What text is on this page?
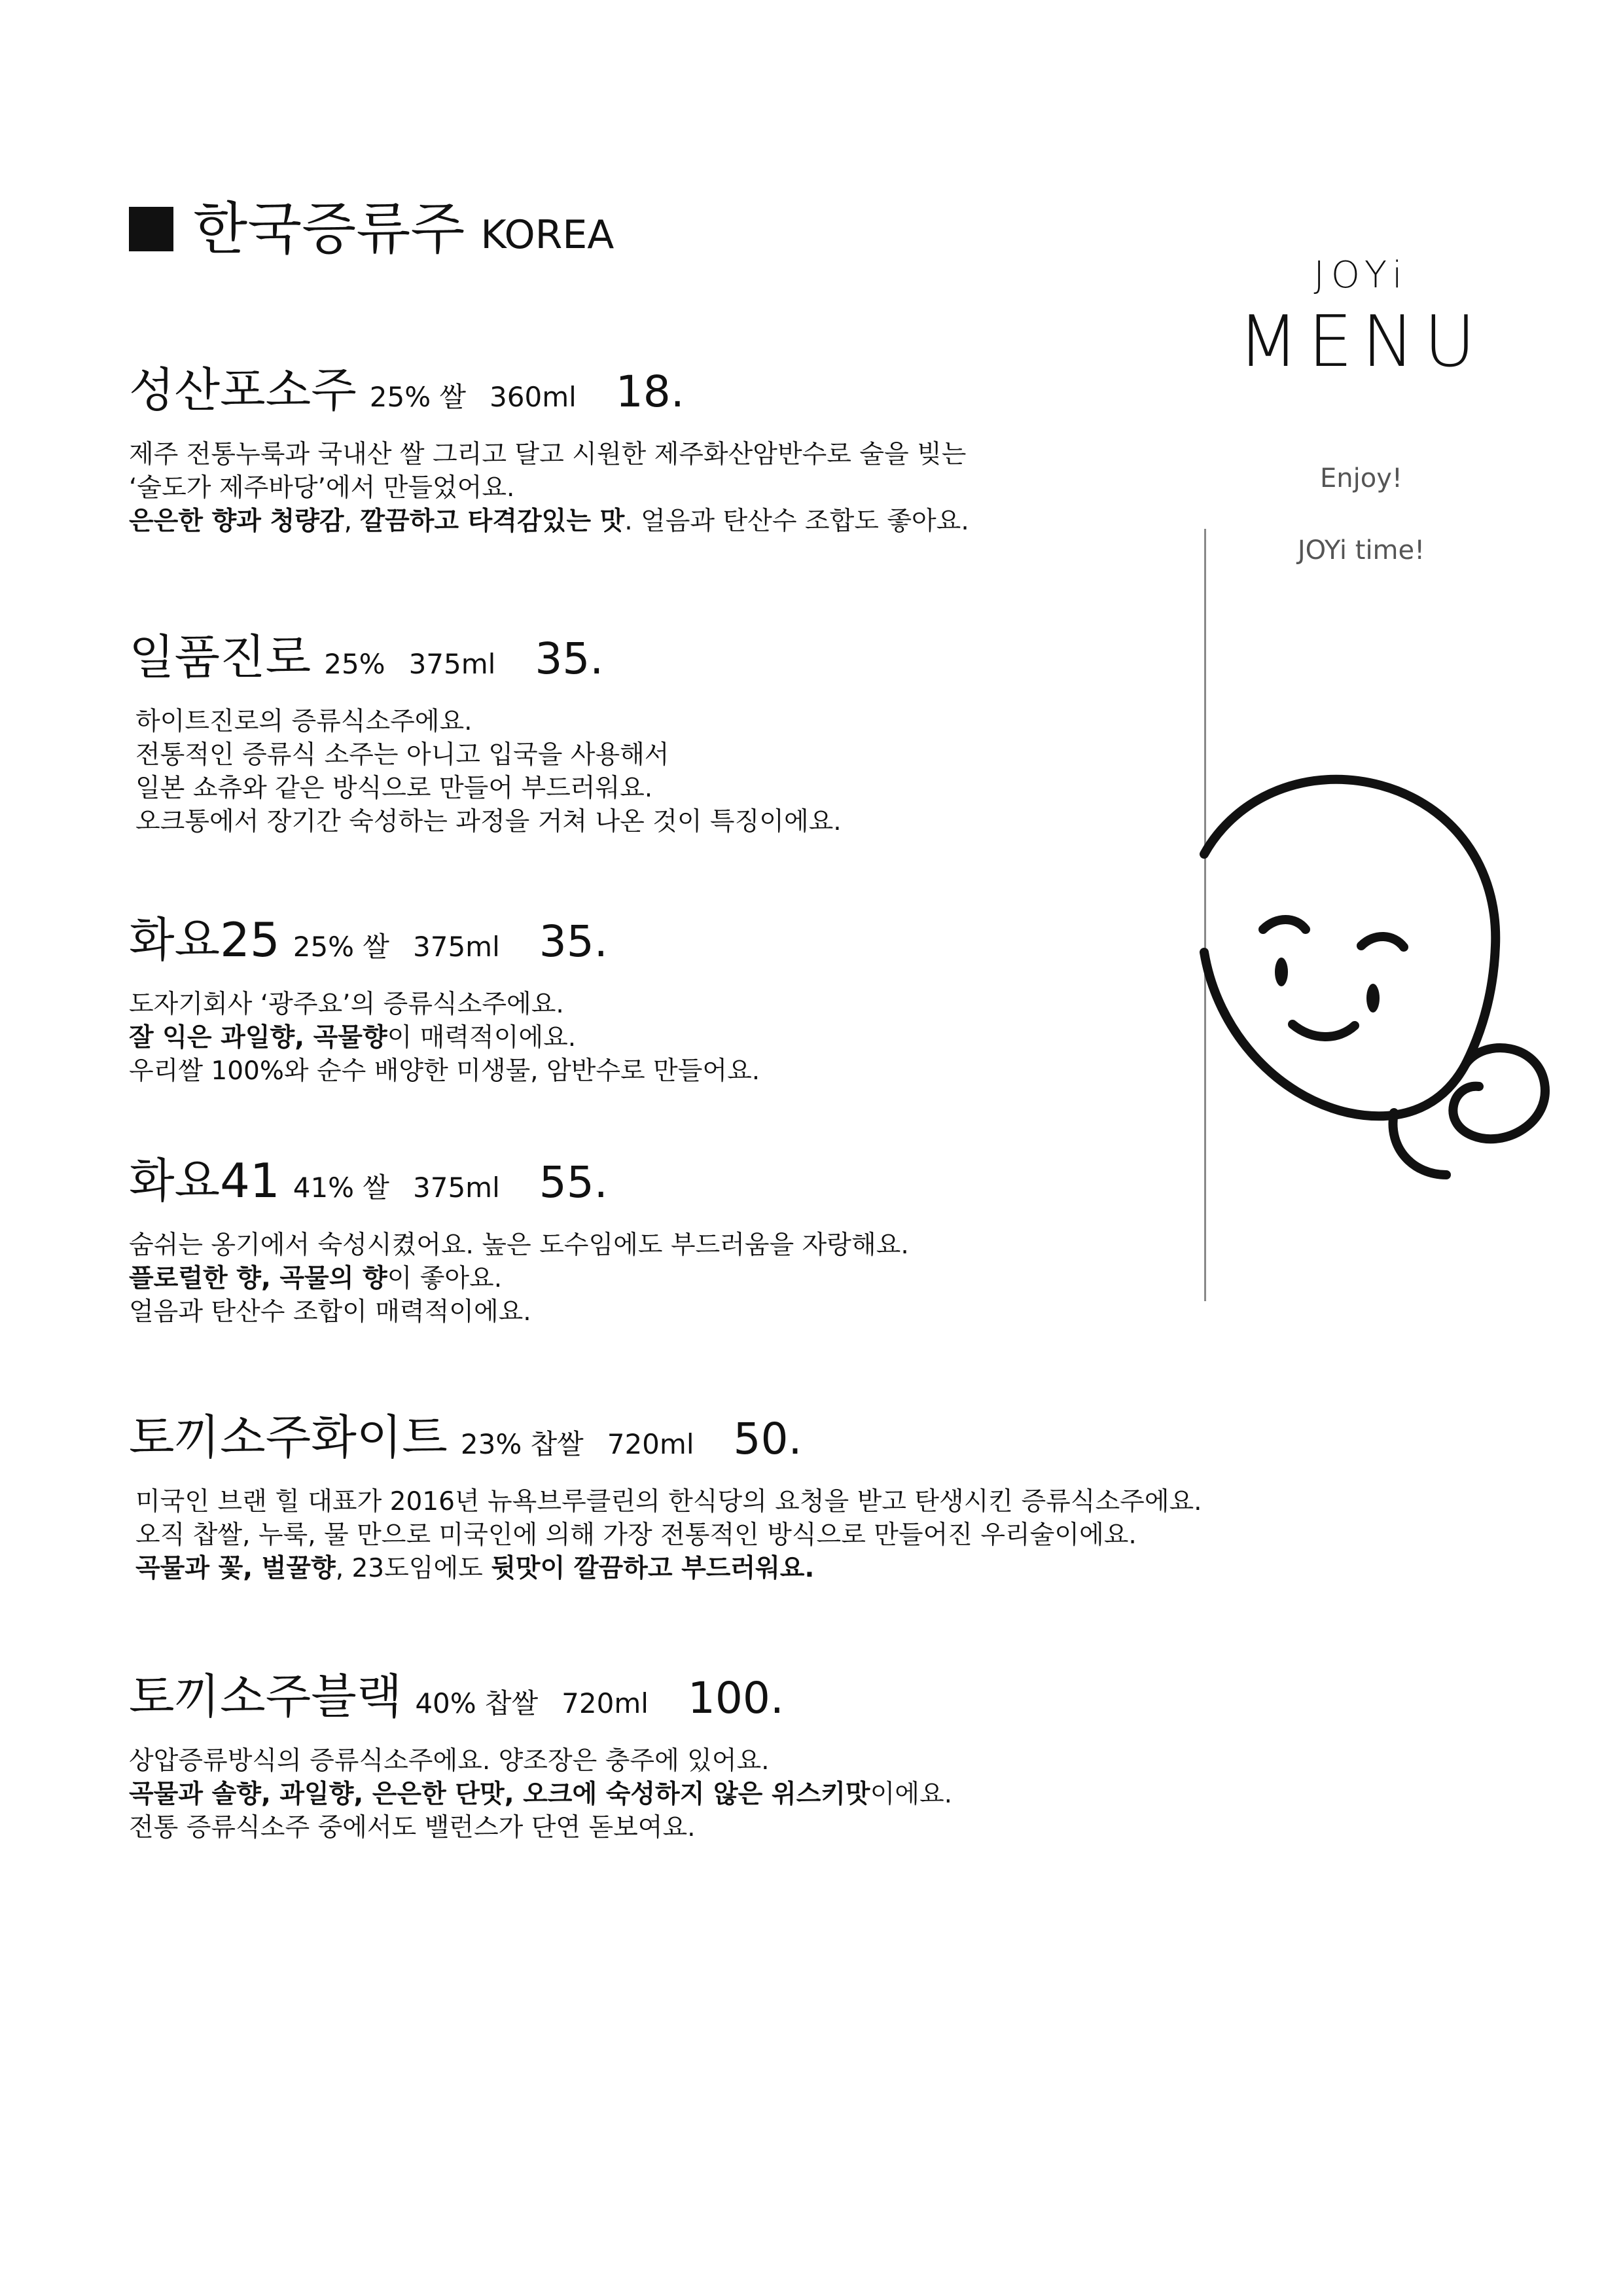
한국증류주 KOREA
JOYi
MENU
Enjoy!
JOYi time!
성산포소주 25% 쌀 360ml 18.

제주 전통누룩과 국내산 쌀 그리고 달고 시원한 제주화산암반수로 술을 빚는

‘술도가 제주바당’에서 만들었어요.

은은한 향과 청량감, 깔끔하고 타격감있는 맛. 얼음과 탄산수 조합도 좋아요.

일품진로 25% 375ml 35.

하이트진로의 증류식소주에요.

전통적인 증류식 소주는 아니고 입국을 사용해서

일본 쇼츄와 같은 방식으로 만들어 부드러워요.

오크통에서 장기간 숙성하는 과정을 거쳐 나온 것이 특징이에요.

화요25 25% 쌀 375ml 35.

도자기회사 ‘광주요’의 증류식소주에요.

잘 익은 과일향, 곡물향이 매력적이에요.

우리쌀 100%와 순수 배양한 미생물, 암반수로 만들어요.

화요41 41% 쌀 375ml 55.

숨쉬는 옹기에서 숙성시켰어요. 높은 도수임에도 부드러움을 자랑해요.

플로럴한 향, 곡물의 향이 좋아요.

얼음과 탄산수 조합이 매력적이에요.

토끼소주화이트 23% 찹쌀 720ml 50.

미국인 브랜 힐 대표가 2016년 뉴욕브루클린의 한식당의 요청을 받고 탄생시킨 증류식소주에요.

오직 찹쌀, 누룩, 물 만으로 미국인에 의해 가장 전통적인 방식으로 만들어진 우리술이에요.

곡물과 꽃, 벌꿀향, 23도임에도 뒷맛이 깔끔하고 부드러워요.

토끼소주블랙 40% 찹쌀 720ml 100.

상압증류방식의 증류식소주에요. 양조장은 충주에 있어요.

곡물과 솔향, 과일향, 은은한 단맛, 오크에 숙성하지 않은 위스키맛이에요.

전통 증류식소주 중에서도 밸런스가 단연 돋보여요.
